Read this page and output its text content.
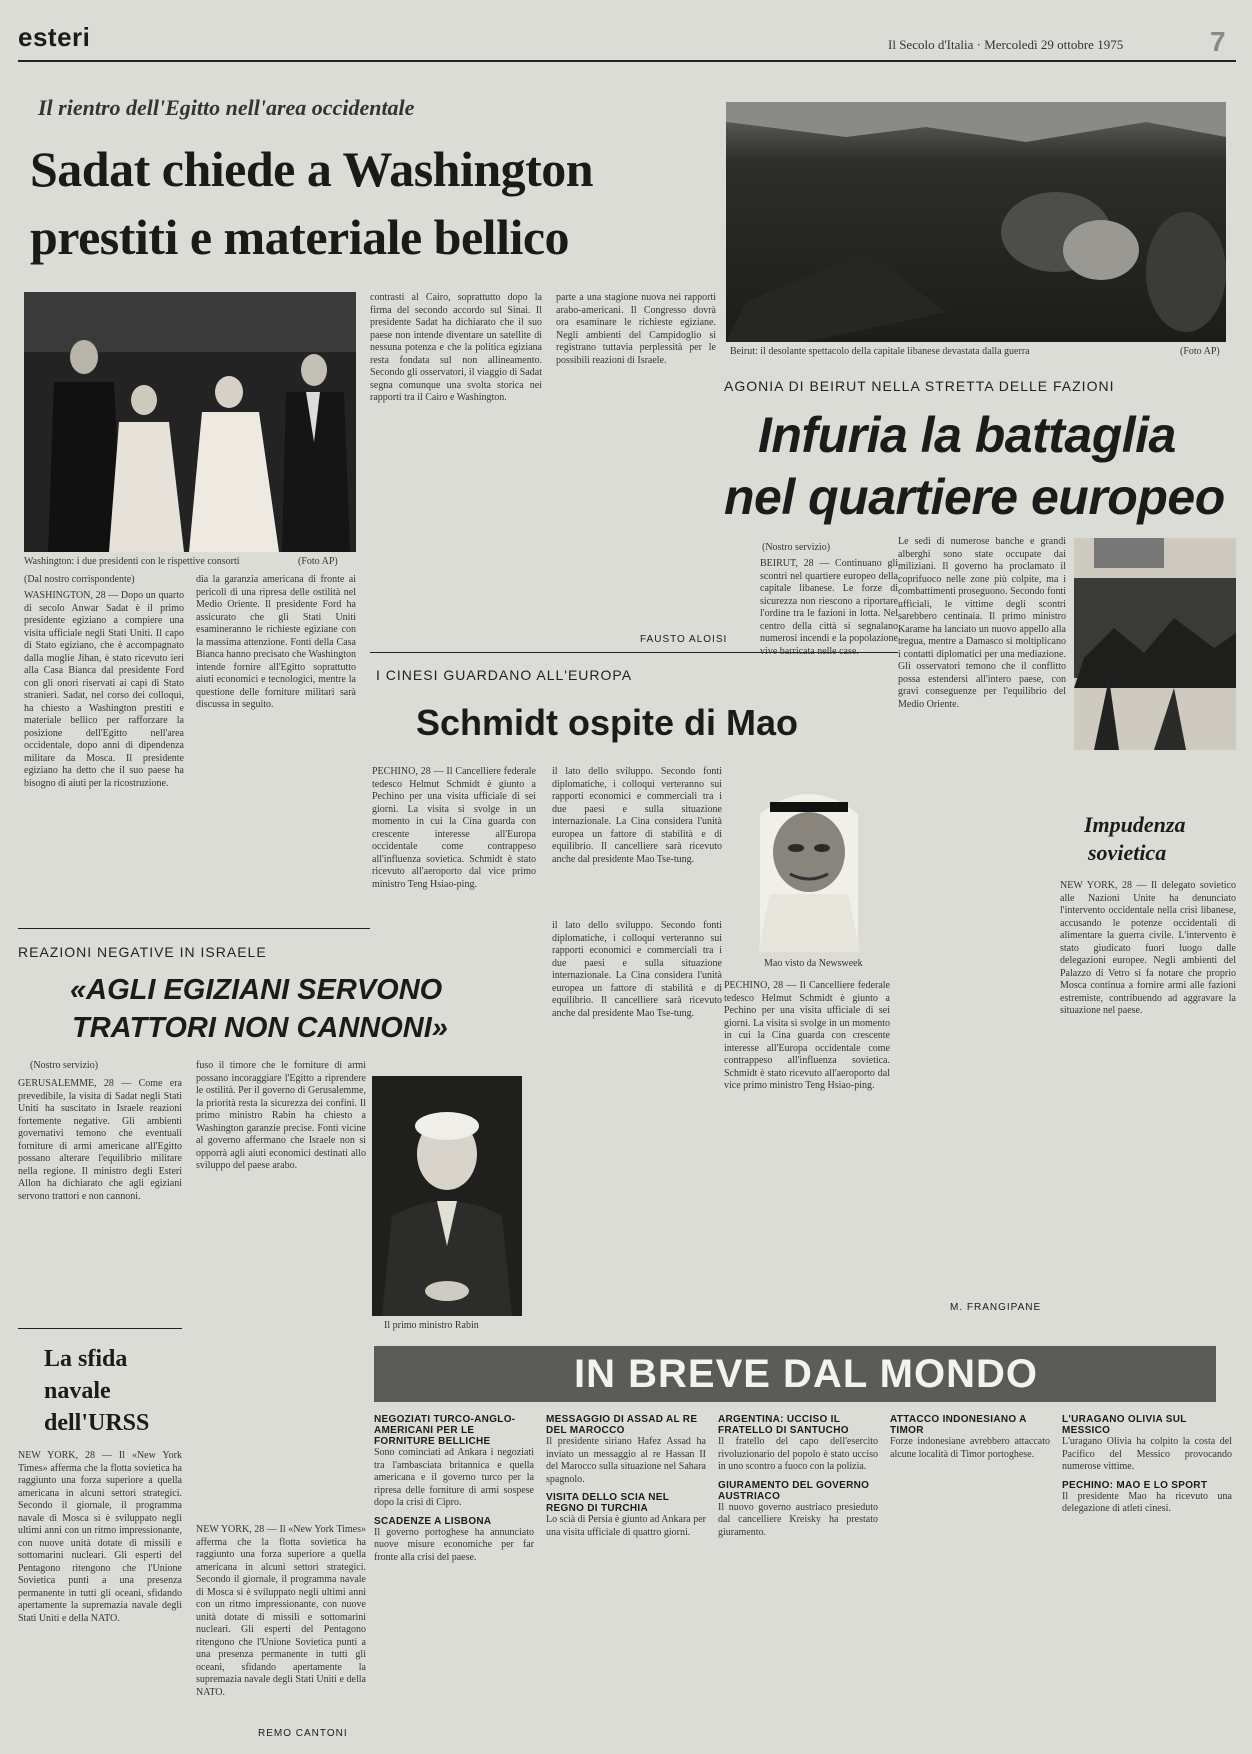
esteri	Il Secolo d'Italia · Mercoledì 29 ottobre 1975	7
Il rientro dell'Egitto nell'area occidentale
Sadat chiede a Washington
prestiti e materiale bellico
Washington: i due presidenti con le rispettive consorti	(Foto AP)
(Dal nostro corrispondente)
WASHINGTON, 28 — Dopo un quarto di secolo Anwar Sadat è il primo presidente egiziano a compiere una visita ufficiale negli Stati Uniti. Il capo di Stato egiziano, che è accompagnato dalla moglie Jihan, è stato ricevuto ieri alla Casa Bianca dal presidente Ford con gli onori riservati ai capi di Stato stranieri. Sadat, nel corso dei colloqui, ha chiesto a Washington prestiti e materiale bellico per rafforzare la posizione dell'Egitto nell'area occidentale, dopo anni di dipendenza militare da Mosca. Il presidente egiziano ha detto che il suo paese ha bisogno di aiuti per la ricostruzione.
dia la garanzia americana di fronte ai pericoli di una ripresa delle ostilità nel Medio Oriente. Il presidente Ford ha assicurato che gli Stati Uniti esamineranno le richieste egiziane con la massima attenzione. Fonti della Casa Bianca hanno precisato che Washington intende fornire all'Egitto soprattutto aiuti economici e tecnologici, mentre la questione delle forniture militari sarà discussa in seguito.
contrasti al Cairo, soprattutto dopo la firma del secondo accordo sul Sinai. Il presidente Sadat ha dichiarato che il suo paese non intende diventare un satellite di nessuna potenza e che la politica egiziana resta fondata sul non allineamento. Secondo gli osservatori, il viaggio di Sadat segna comunque una svolta storica nei rapporti tra il Cairo e Washington.
parte a una stagione nuova nei rapporti arabo-americani. Il Congresso dovrà ora esaminare le richieste egiziane. Negli ambienti del Campidoglio si registrano tuttavia perplessità per le possibili reazioni di Israele.
FAUSTO ALOISI
Beirut: il desolante spettacolo della capitale libanese devastata dalla guerra	(Foto AP)
AGONIA DI BEIRUT NELLA STRETTA DELLE FAZIONI
Infuria la battaglia
nel quartiere europeo
(Nostro servizio)
BEIRUT, 28 — Continuano gli scontri nel quartiere europeo della capitale libanese. Le forze di sicurezza non riescono a riportare l'ordine tra le fazioni in lotta. Nel centro della città si segnalano numerosi incendi e la popolazione vive barricata nelle case.
Le sedi di numerose banche e grandi alberghi sono state occupate dai miliziani. Il governo ha proclamato il coprifuoco nelle zone più colpite, ma i combattimenti proseguono. Secondo fonti ufficiali, le vittime degli scontri sarebbero centinaia. Il primo ministro Karame ha lanciato un nuovo appello alla tregua, mentre a Damasco si moltiplicano i contatti diplomatici per una mediazione. Gli osservatori temono che il conflitto possa estendersi all'intero paese, con gravi conseguenze per l'equilibrio del Medio Oriente.
M. FRANGIPANE
Impudenza
sovietica
NEW YORK, 28 — Il delegato sovietico alle Nazioni Unite ha denunciato l'intervento occidentale nella crisi libanese, accusando le potenze occidentali di alimentare la guerra civile. L'intervento è stato giudicato fuori luogo dalle delegazioni europee. Negli ambienti del Palazzo di Vetro si fa notare che proprio Mosca continua a fornire armi alle fazioni estremiste, contribuendo ad aggravare la situazione nel paese.
I CINESI GUARDANO ALL'EUROPA
Schmidt ospite di Mao
PECHINO, 28 — Il Cancelliere federale tedesco Helmut Schmidt è giunto a Pechino per una visita ufficiale di sei giorni. La visita si svolge in un momento in cui la Cina guarda con crescente interesse all'Europa occidentale come contrappeso all'influenza sovietica. Schmidt è stato ricevuto all'aeroporto dal vice primo ministro Teng Hsiao-ping.
il lato dello sviluppo. Secondo fonti diplomatiche, i colloqui verteranno sui rapporti economici e commerciali tra i due paesi e sulla situazione internazionale. La Cina considera l'unità europea un fattore di stabilità e di equilibrio. Il cancelliere sarà ricevuto anche dal presidente Mao Tse-tung.
Mao visto da Newsweek
il lato dello sviluppo. Secondo fonti diplomatiche, i colloqui verteranno sui rapporti economici e commerciali tra i due paesi e sulla situazione internazionale. La Cina considera l'unità europea un fattore di stabilità e di equilibrio. Il cancelliere sarà ricevuto anche dal presidente Mao Tse-tung.
PECHINO, 28 — Il Cancelliere federale tedesco Helmut Schmidt è giunto a Pechino per una visita ufficiale di sei giorni. La visita si svolge in un momento in cui la Cina guarda con crescente interesse all'Europa occidentale come contrappeso all'influenza sovietica. Schmidt è stato ricevuto all'aeroporto dal vice primo ministro Teng Hsiao-ping.
REAZIONI NEGATIVE IN ISRAELE
«AGLI EGIZIANI SERVONO
TRATTORI NON CANNONI»
(Nostro servizio)
GERUSALEMME, 28 — Come era prevedibile, la visita di Sadat negli Stati Uniti ha suscitato in Israele reazioni fortemente negative. Gli ambienti governativi temono che eventuali forniture di armi americane all'Egitto possano alterare l'equilibrio militare nella regione. Il ministro degli Esteri Allon ha dichiarato che agli egiziani servono trattori e non cannoni.
fuso il timore che le forniture di armi possano incoraggiare l'Egitto a riprendere le ostilità. Per il governo di Gerusalemme, la priorità resta la sicurezza dei confini. Il primo ministro Rabin ha chiesto a Washington garanzie precise. Fonti vicine al governo affermano che Israele non si opporrà agli aiuti economici destinati allo sviluppo del paese arabo.
Il primo ministro Rabin
La sfida
navale
dell'URSS
NEW YORK, 28 — Il «New York Times» afferma che la flotta sovietica ha raggiunto una forza superiore a quella americana in alcuni settori strategici. Secondo il giornale, il programma navale di Mosca si è sviluppato negli ultimi anni con un ritmo impressionante, con nuove unità dotate di missili e sottomarini nucleari. Gli esperti del Pentagono ritengono che l'Unione Sovietica punti a una presenza permanente in tutti gli oceani, sfidando apertamente la supremazia navale degli Stati Uniti e della NATO.
NEW YORK, 28 — Il «New York Times» afferma che la flotta sovietica ha raggiunto una forza superiore a quella americana in alcuni settori strategici. Secondo il giornale, il programma navale di Mosca si è sviluppato negli ultimi anni con un ritmo impressionante, con nuove unità dotate di missili e sottomarini nucleari. Gli esperti del Pentagono ritengono che l'Unione Sovietica punti a una presenza permanente in tutti gli oceani, sfidando apertamente la supremazia navale degli Stati Uniti e della NATO.
REMO CANTONI
IN BREVE DAL MONDO
NEGOZIATI TURCO-ANGLO-AMERICANI PER LE FORNITURE BELLICHE
Sono cominciati ad Ankara i negoziati tra l'ambasciata britannica e quella americana e il governo turco per la ripresa delle forniture di armi sospese dopo la crisi di Cipro.
SCADENZE A LISBONA
Il governo portoghese ha annunciato nuove misure economiche per far fronte alla crisi del paese.
MESSAGGIO DI ASSAD AL RE DEL MAROCCO
Il presidente siriano Hafez Assad ha inviato un messaggio al re Hassan II del Marocco sulla situazione nel Sahara spagnolo.
VISITA DELLO SCIA NEL REGNO DI TURCHIA
Lo scià di Persia è giunto ad Ankara per una visita ufficiale di quattro giorni.
ARGENTINA: UCCISO IL FRATELLO DI SANTUCHO
Il fratello del capo dell'esercito rivoluzionario del popolo è stato ucciso in uno scontro a fuoco con la polizia.
GIURAMENTO DEL GOVERNO AUSTRIACO
Il nuovo governo austriaco presieduto dal cancelliere Kreisky ha prestato giuramento.
ATTACCO INDONESIANO A TIMOR
Forze indonesiane avrebbero attaccato alcune località di Timor portoghese.
L'URAGANO OLIVIA SUL MESSICO
L'uragano Olivia ha colpito la costa del Pacifico del Messico provocando numerose vittime.
PECHINO: MAO E LO SPORT
Il presidente Mao ha ricevuto una delegazione di atleti cinesi.
